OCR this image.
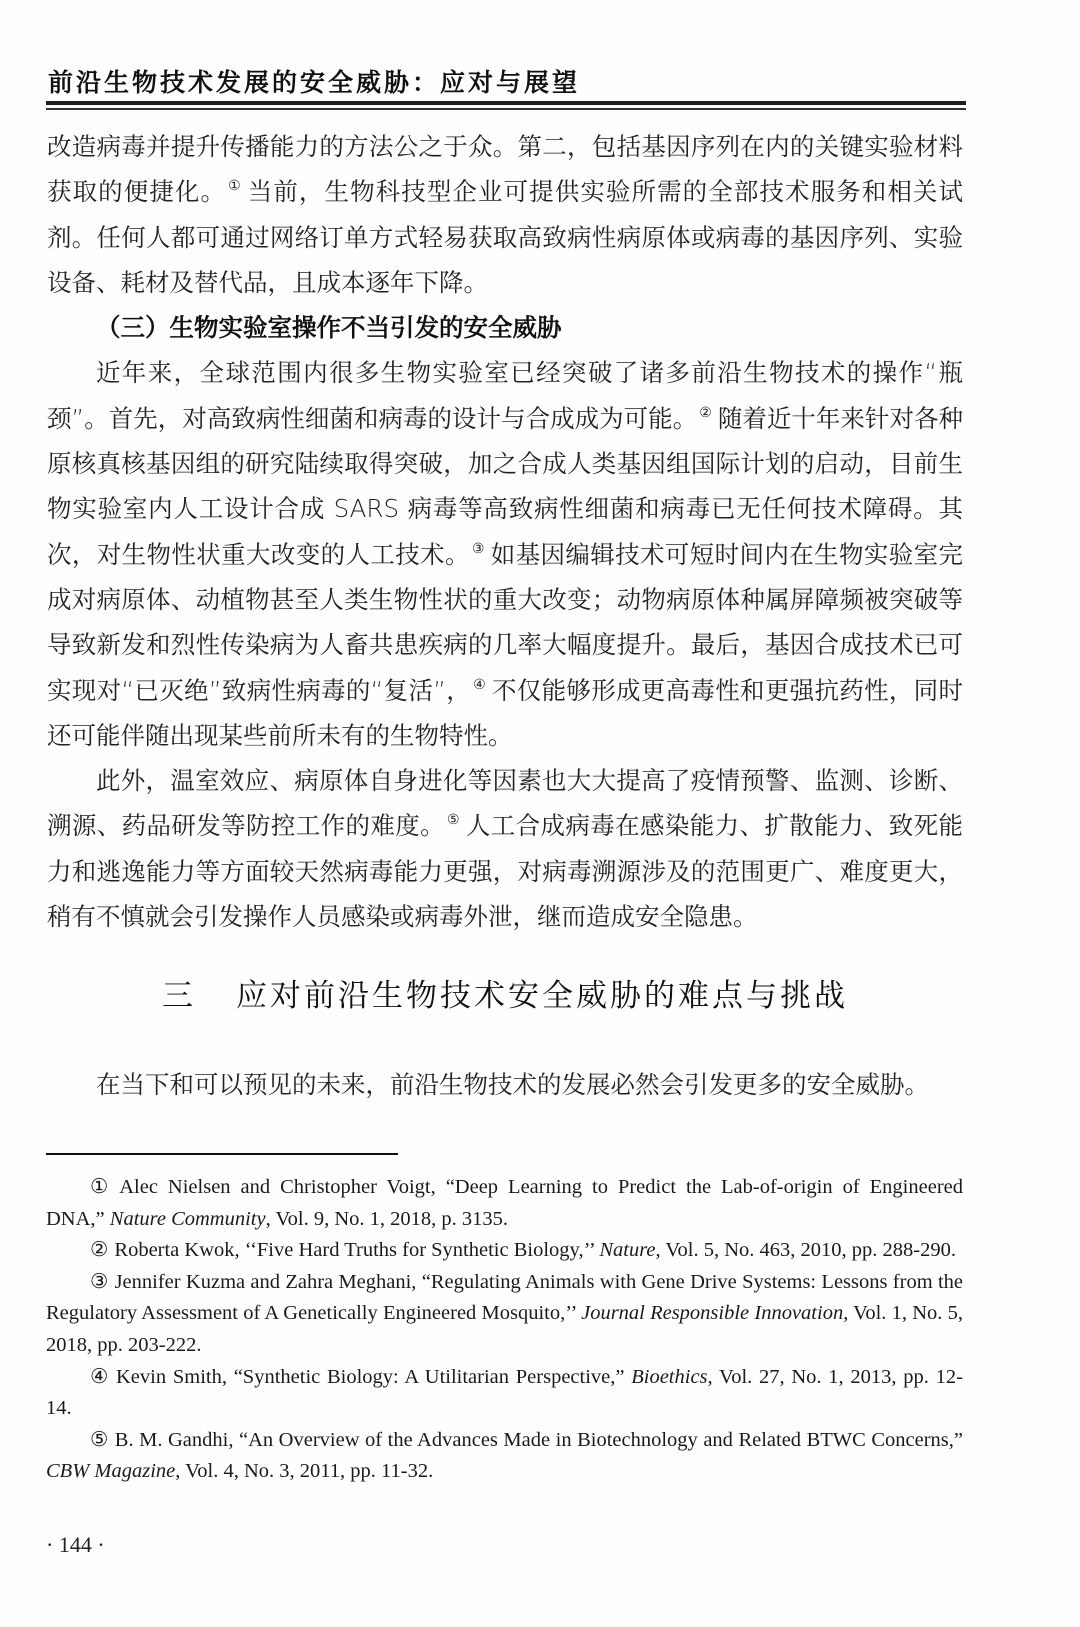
前沿生物技术发展的安全威胁：应对与展望

改造病毒并提升传播能力的方法公之于众。第二，包括基因序列在内的关键实验材料获取的便捷化。 ① 当前，生物科技型企业可提供实验所需的全部技术服务和相关试剂。任何人都可通过网络订单方式轻易获取高致病性病原体或病毒的基因序列、实验设备、耗材及替代品，且成本逐年下降。

（三）生物实验室操作不当引发的安全威胁

近年来，全球范围内很多生物实验室已经突破了诸多前沿生物技术的操作“瓶颈”。首先，对高致病性细菌和病毒的设计与合成成为可能。 ② 随着近十年来针对各种原核真核基因组的研究陆续取得突破，加之合成人类基因组国际计划的启动，目前生物实验室内人工设计合成 SARS 病毒等高致病性细菌和病毒已无任何技术障碍。其次，对生物性状重大改变的人工技术。 ③ 如基因编辑技术可短时间内在生物实验室完成对病原体、动植物甚至人类生物性状的重大改变；动物病原体种属屏障频被突破等导致新发和烈性传染病为人畜共患疾病的几率大幅度提升。最后，基因合成技术已可实现对“已灭绝”致病性病毒的“复活”， ④ 不仅能够形成更高毒性和更强抗药性，同时还可能伴随出现某些前所未有的生物特性。

此外，温室效应、病原体自身进化等因素也大大提高了疫情预警、监测、诊断、溯源、药品研发等防控工作的难度。 ⑤ 人工合成病毒在感染能力、扩散能力、致死能力和逃逸能力等方面较天然病毒能力更强，对病毒溯源涉及的范围更广、难度更大，稍有不慎就会引发操作人员感染或病毒外泄，继而造成安全隐患。

三 应对前沿生物技术安全威胁的难点与挑战
在当下和可以预见的未来，前沿生物技术的发展必然会引发更多的安全威胁。

① Alec Nielsen and Christopher Voigt, “Deep Learning to Predict the Lab-of-origin of Engineered DNA,” Nature Community, Vol. 9, No. 1, 2018, p. 3135.

② Roberta Kwok, ‘‘Five Hard Truths for Synthetic Biology,’’ Nature, Vol. 5, No. 463, 2010, pp. 288-290.

③ Jennifer Kuzma and Zahra Meghani, “Regulating Animals with Gene Drive Systems: Lessons from the Regulatory Assessment of A Genetically Engineered Mosquito,’’ Journal Responsible Innovation, Vol. 1, No. 5, 2018, pp. 203-222.

④ Kevin Smith, “Synthetic Biology: A Utilitarian Perspective,” Bioethics, Vol. 27, No. 1, 2013, pp. 12-14.

⑤ B. M. Gandhi, “An Overview of the Advances Made in Biotechnology and Related BTWC Concerns,” CBW Magazine, Vol. 4, No. 3, 2011, pp. 11-32.

· 144 ·
